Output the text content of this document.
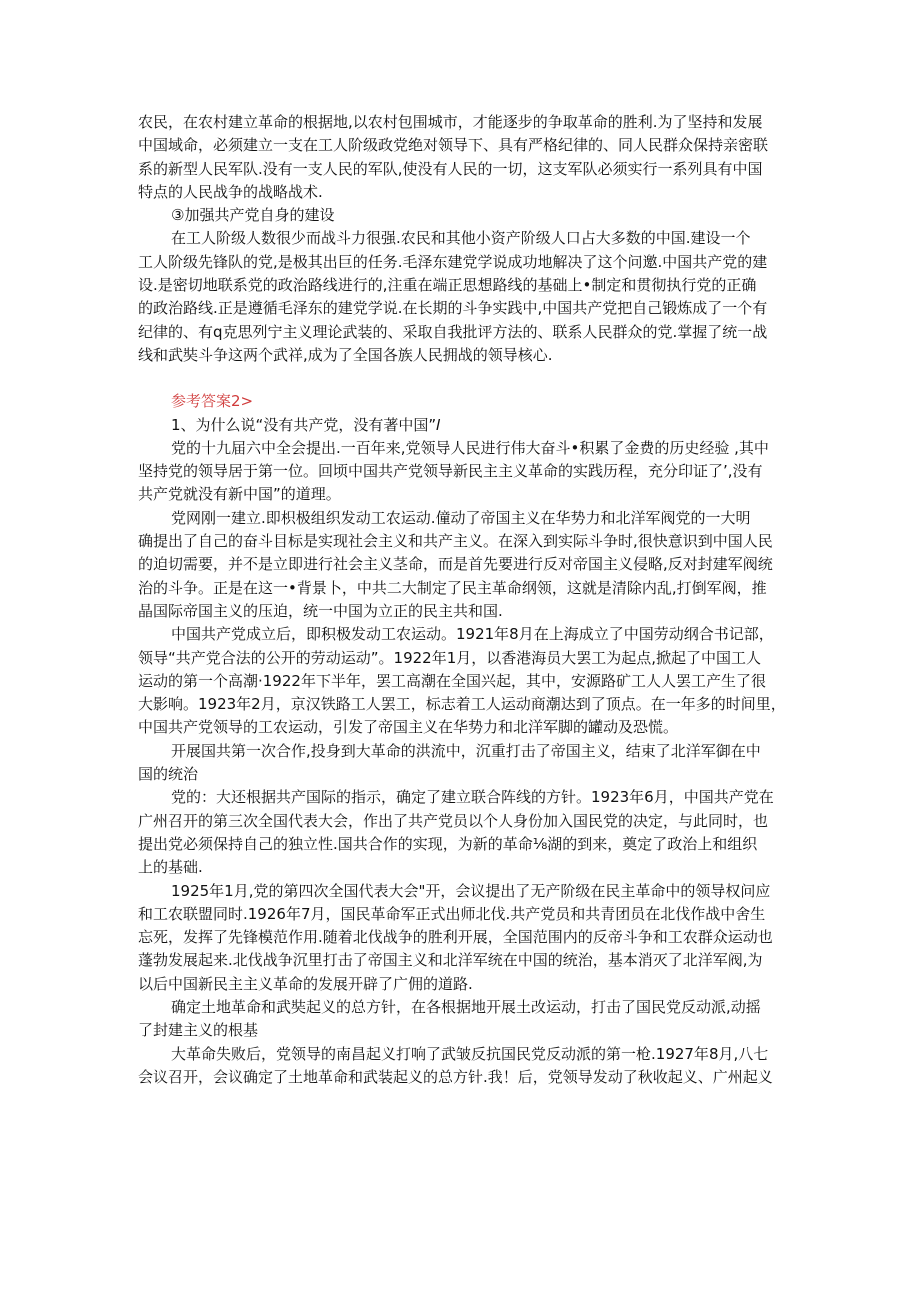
农民，在农村建立革命的根据地,以农村包围城市，才能逐步的争取革命的胜利.为了坚持和发展
中国域命，必须建立一支在工人阶级政党绝对领导下、具有严格纪律的、同人民群众保持亲密联
系的新型人民军队.没有一支人民的军队,使没有人民的一切，这支军队必须实行一系列具有中国
特点的人民战争的战略战术.

③加强共产党自身的建设

在工人阶级人数很少而战斗力很强.农民和其他小资产阶级人口占大多数的中国.建设一个
工人阶级先锋队的党,是极其出巨的任务.毛泽东建党学说成功地解决了这个问邀.中国共产党的建
设.是密切地联系党的政治路线进行的,注重在端正思想路线的基础上•制定和贯彻执行党的正确
的政治路线.正是遵循毛泽东的建党学说.在长期的斗争实践中,中国共产党把自己锻炼成了一个有
纪律的、有q克思列宁主义理论武装的、采取自我批评方法的、联系人民群众的党.掌握了统一战
线和武奘斗争这两个武祥,成为了全国各族人民拥战的领导核心.

参考答案2>

1、为什么说“没有共产党，没有著中国”𝐼

党的十九届六中全会提出.一百年来,党领导人民进行伟大奋斗•积累了金费的历史经验 ,其中
坚持党的领导居于第一位。回顷中国共产党领导新民主主义革命的实践历程，充分印证了’,没有
共产党就没有新中国”的道理。

党网刚一建立.即枳极组织发动工农运动.僮动了帝国主义在华势力和北洋军阀党的一大明
确提出了自己的奋斗目标是实现社会主义和共产主义。在深入到实际斗争时,很快意识到中国人民
的迫切需要，并不是立即进行社会主义茎命，而是首先要进行反对帝国主义侵略,反对封建军阀统
治的斗争。正是在这一•背景卜，中共二大制定了民主革命纲领，这就是清除内乱,打倒军阀，推
晶国际帝国主义的压迫，统一中国为立正的民主共和国.

中国共产党成立后，即积极发动工农运动。1921年8月在上海成立了中国劳动纲合书记部，
领导“共产党合法的公开的劳动运动”。1922年1月，以香港海员大罢工为起点,掀起了中国工人
运动的第一个高潮·1922年下半年，罢工高潮在全国兴起，其中，安源路矿工人人罢工产生了很
大影响。1923年2月，京汉铁路工人罢工，标志着工人运动商潮达到了顶点。在一年多的时间里，
中国共产党领导的工农运动，引发了帝国主义在华势力和北洋军脚的罐动及恐慌。

开展国共第一次合作,投身到大革命的洪流中，沉重打击了帝国主义，结束了北洋军御在中
国的统治

党的：大还根据共产国际的指示，确定了建立联合阵线的方针。1923年6月，中国共产党在
广州召开的第三次全国代表大会，作出了共产党员以个人身份加入国民党的决定，与此同时，也
提出党必须保持自己的独立性.国共合作的实现，为新的革命⅛湖的到来，奠定了政治上和组织
上的基础.

1925年1月,党的第四次全国代表大会"开，会议提出了无产阶级在民主革命中的领导权问应
和工农联盟同时.1926年7月，国民革命军正式出师北伐.共产党员和共青团员在北伐作战中舍生
忘死，发挥了先锋模范作用.随着北伐战争的胜利开展，全国范围内的反帝斗争和工农群众运动也
蓬勃发展起来.北伐战争沉里打击了帝国主义和北洋军统在中国的统治，基本消灭了北洋军阀,为
以后中国新民主主义革命的发展开辟了广佣的道路.

确定土地革命和武奘起义的总方针，在各根据地开展土改运动，打击了国民党反动派,动摇
了封建主义的根基

大革命失败后，党领导的南昌起义打响了武皱反抗国民党反动派的第一枪.1927年8月,八七
会议召开，会议确定了土地革命和武装起义的总方针.我！后，党领导发动了秋收起义、广州起义
